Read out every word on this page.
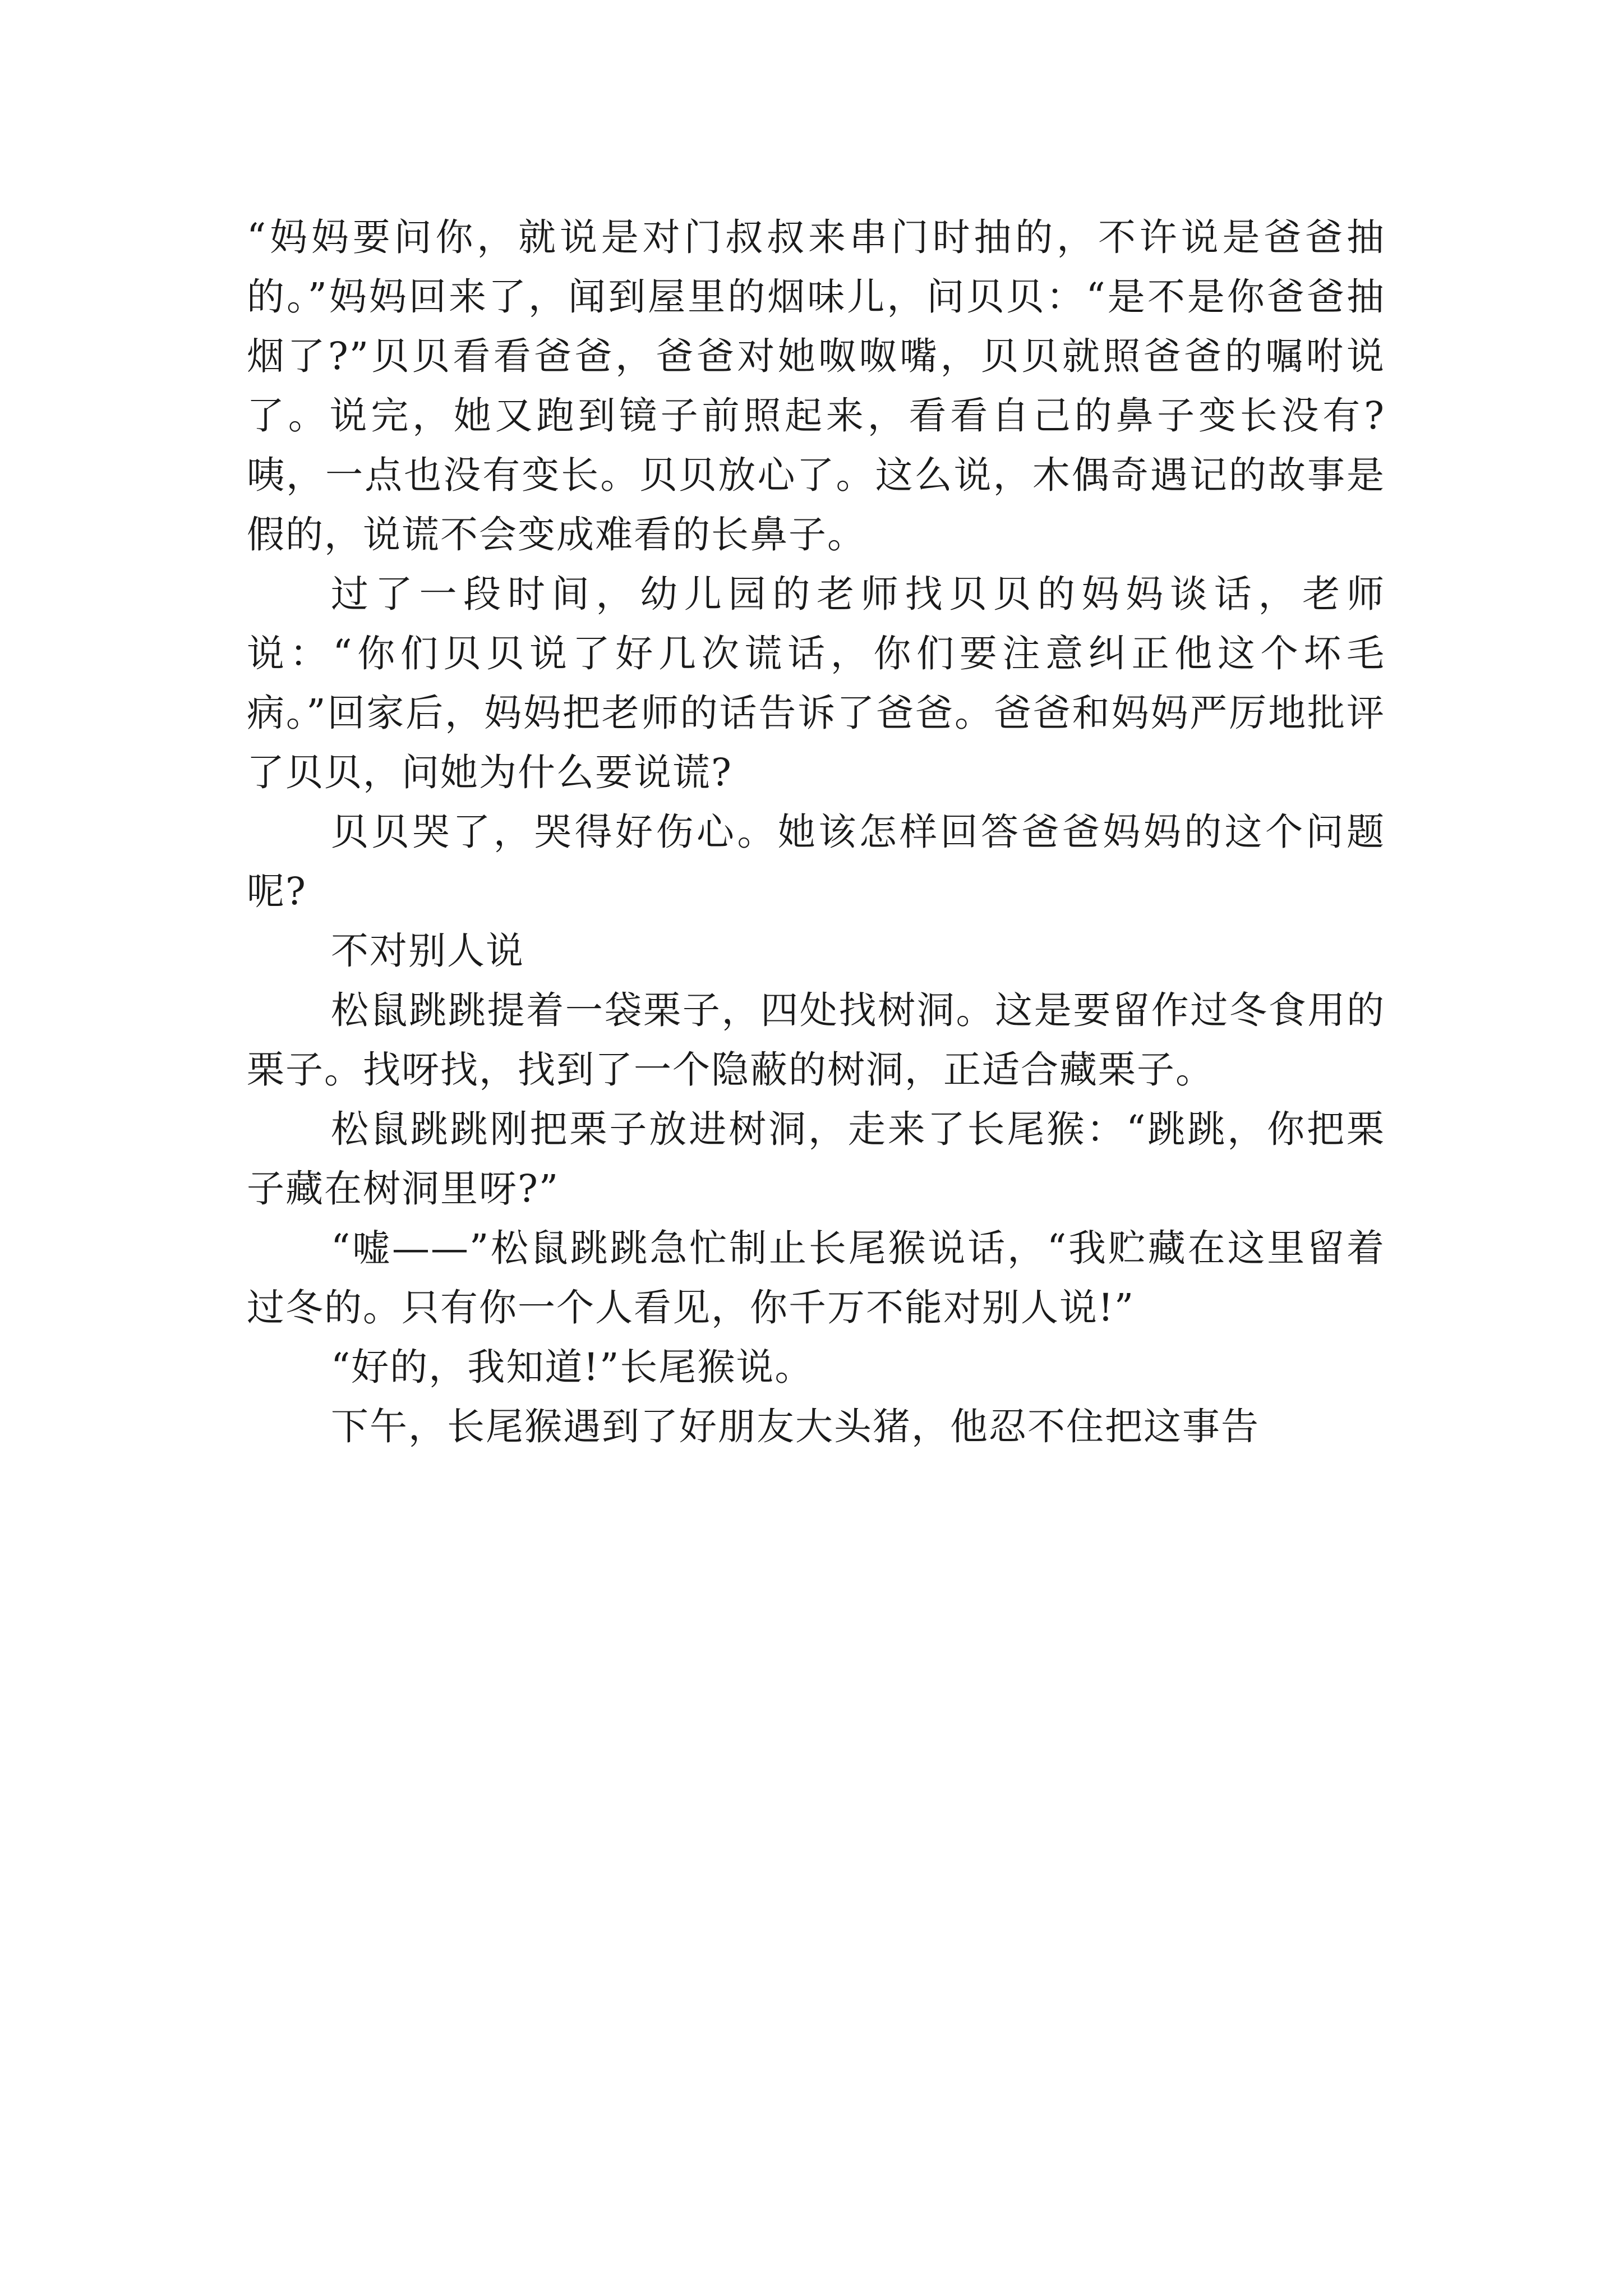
“妈妈要问你，就说是对门叔叔来串门时抽的，不许说是爸爸抽的。”妈妈回来了，闻到屋里的烟味儿，问贝贝：“是不是你爸爸抽烟了?”贝贝看看爸爸，爸爸对她呶呶嘴，贝贝就照爸爸的嘱咐说了。说完，她又跑到镜子前照起来，看看自己的鼻子变长没有?咦，一点也没有变长。贝贝放心了。这么说，木偶奇遇记的故事是假的，说谎不会变成难看的长鼻子。

过了一段时间，幼儿园的老师找贝贝的妈妈谈话，老师说：“你们贝贝说了好几次谎话，你们要注意纠正他这个坏毛病。”回家后，妈妈把老师的话告诉了爸爸。爸爸和妈妈严厉地批评了贝贝，问她为什么要说谎?

贝贝哭了，哭得好伤心。她该怎样回答爸爸妈妈的这个问题呢?

不对别人说

松鼠跳跳提着一袋栗子，四处找树洞。这是要留作过冬食用的栗子。找呀找，找到了一个隐蔽的树洞，正适合藏栗子。

松鼠跳跳刚把栗子放进树洞，走来了长尾猴：“跳跳，你把栗子藏在树洞里呀?”

“嘘——”松鼠跳跳急忙制止长尾猴说话，“我贮藏在这里留着过冬的。只有你一个人看见，你千万不能对别人说!”

“好的，我知道!”长尾猴说。

下午，长尾猴遇到了好朋友大头猪，他忍不住把这事告
